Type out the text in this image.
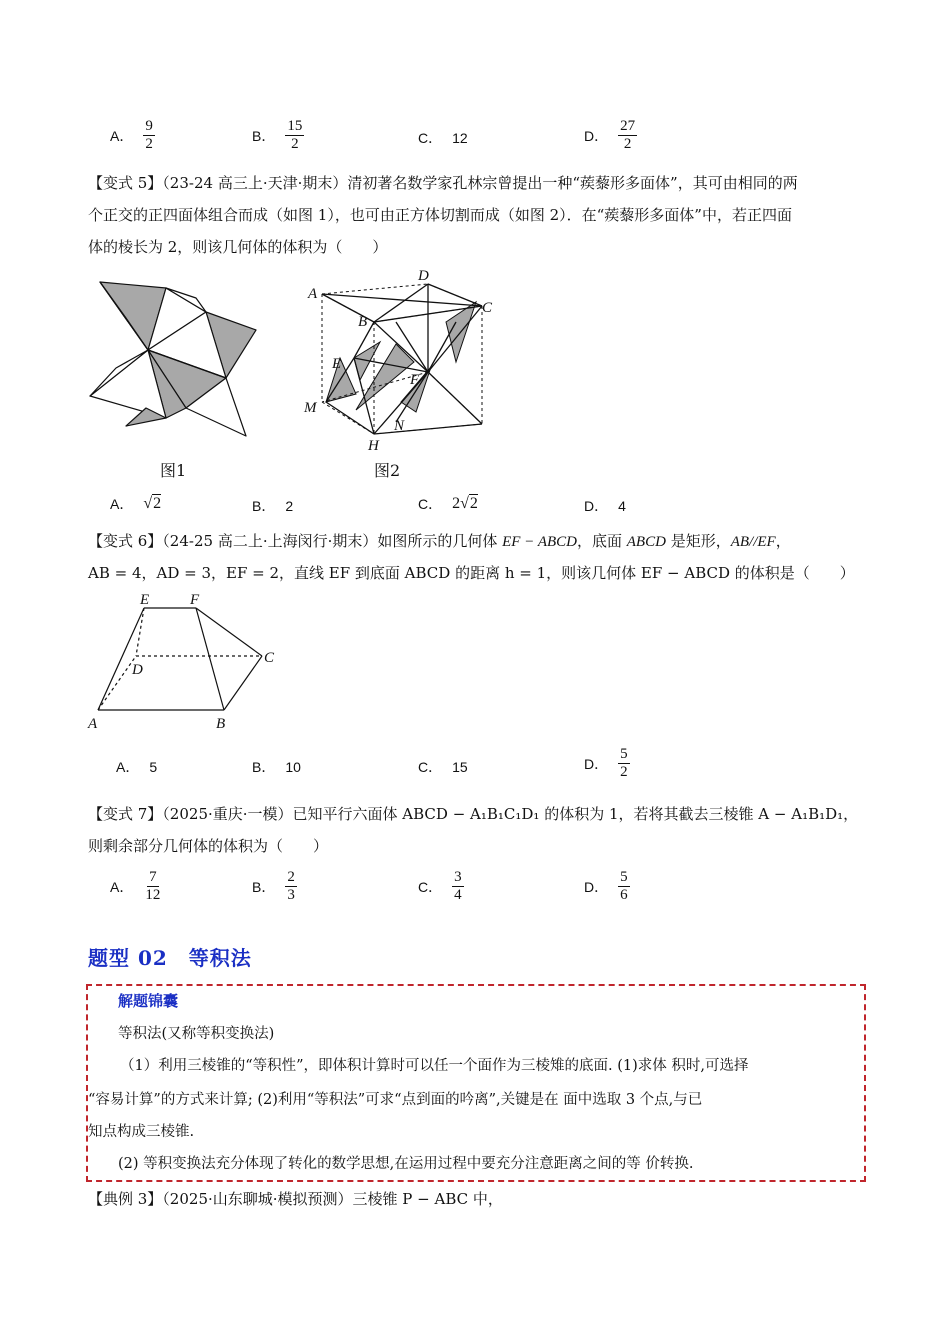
A． $\frac{9}{2}$	B． $\frac{15}{2}$	C． 12	D． $\frac{27}{2}$
【变式 5】（23-24 高三上·天津·期末）清初著名数学家孔林宗曾提出一种“蒺藜形多面体”，其可由相同的两
个正交的正四面体组合而成（如图 1），也可由正方体切割而成（如图 2）．在“蒺藜形多面体”中，若正四面
体的棱长为 2，则该几何体的体积为（　　）
图1
A
D
C
B
E
F
M
N
H
图2
A． √2	B． 2	C． 2√2	D． 4
【变式 6】（24-25 高二上·上海闵行·期末）如图所示的几何体 EF − ABCD，底面 ABCD 是矩形，AB//EF，
AB = 4，AD = 3，EF = 2，直线 EF 到底面 ABCD 的距离 h = 1，则该几何体 EF − ABCD 的体积是（　　）
E	F
D
C
A	B
A． 5	B． 10	C． 15	D． $\frac{5}{2}$
【变式 7】（2025·重庆·一模）已知平行六面体 ABCD − A₁B₁C₁D₁ 的体积为 1，若将其截去三棱锥 A − A₁B₁D₁，
则剩余部分几何体的体积为（　　）
A． $\frac{7}{12}$	B． $\frac{2}{3}$	C． $\frac{3}{4}$	D． $\frac{5}{6}$
题型 02　等积法
解题锦囊
等积法(又称等积变换法)
（1）利用三棱锥的“等积性”，即体积计算时可以任一个面作为三棱雉的底面. (1)求体 积时,可选择
“容易计算”的方式来计算; (2)利用“等积法”可求“点到面的吟离”,关键是在 面中选取 3 个点,与已
知点构成三棱锥.
(2) 等积变换法充分体现了转化的数学思想,在运用过程中要充分注意距离之间的等 价转换.
【典例 3】（2025·山东聊城·模拟预测）三棱锥 P − ABC 中，
